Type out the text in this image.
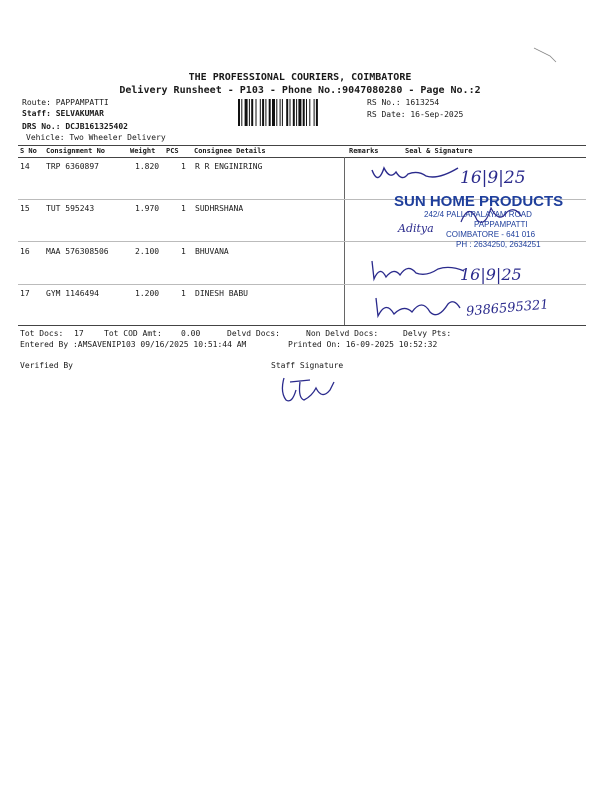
THE PROFESSIONAL COURIERS, COIMBATORE
Delivery Runsheet - P103 - Phone No.:9047080280 - Page No.:2
Route: PAPPAMPATTI
Staff: SELVAKUMAR
DRS No.: DCJB161325402
Vehicle: Two Wheeler Delivery
RS No.: 1613254
RS Date: 16-Sep-2025
S No Consignment No	Weight PCS Consignee Details	Remarks	Seal & Signature
14 TRP 6360897	1.820	1 R R ENGINIRING
15 TUT 595243	1.970	1 SUDHRSHANA
16 MAA 576308506	2.100	1 BHUVANA
17 GYM 1146494	1.200	1 DINESH BABU
16|9|25
SUN HOME PRODUCTS
242/4 PALLAPALAYAM ROAD
PAPPAMPATTI
COIMBATORE - 641 016
PH : 2634250, 2634251
Aditya
16|9|25
9386595321
Tot Docs: 17	Tot COD Amt: 0.00	Delvd Docs:	Non Delvd Docs:	Delvy Pts:
Entered By :AMSAVENIP103 09/16/2025 10:51:44 AM	Printed On: 16-09-2025 10:52:32
Verified By	Staff Signature
